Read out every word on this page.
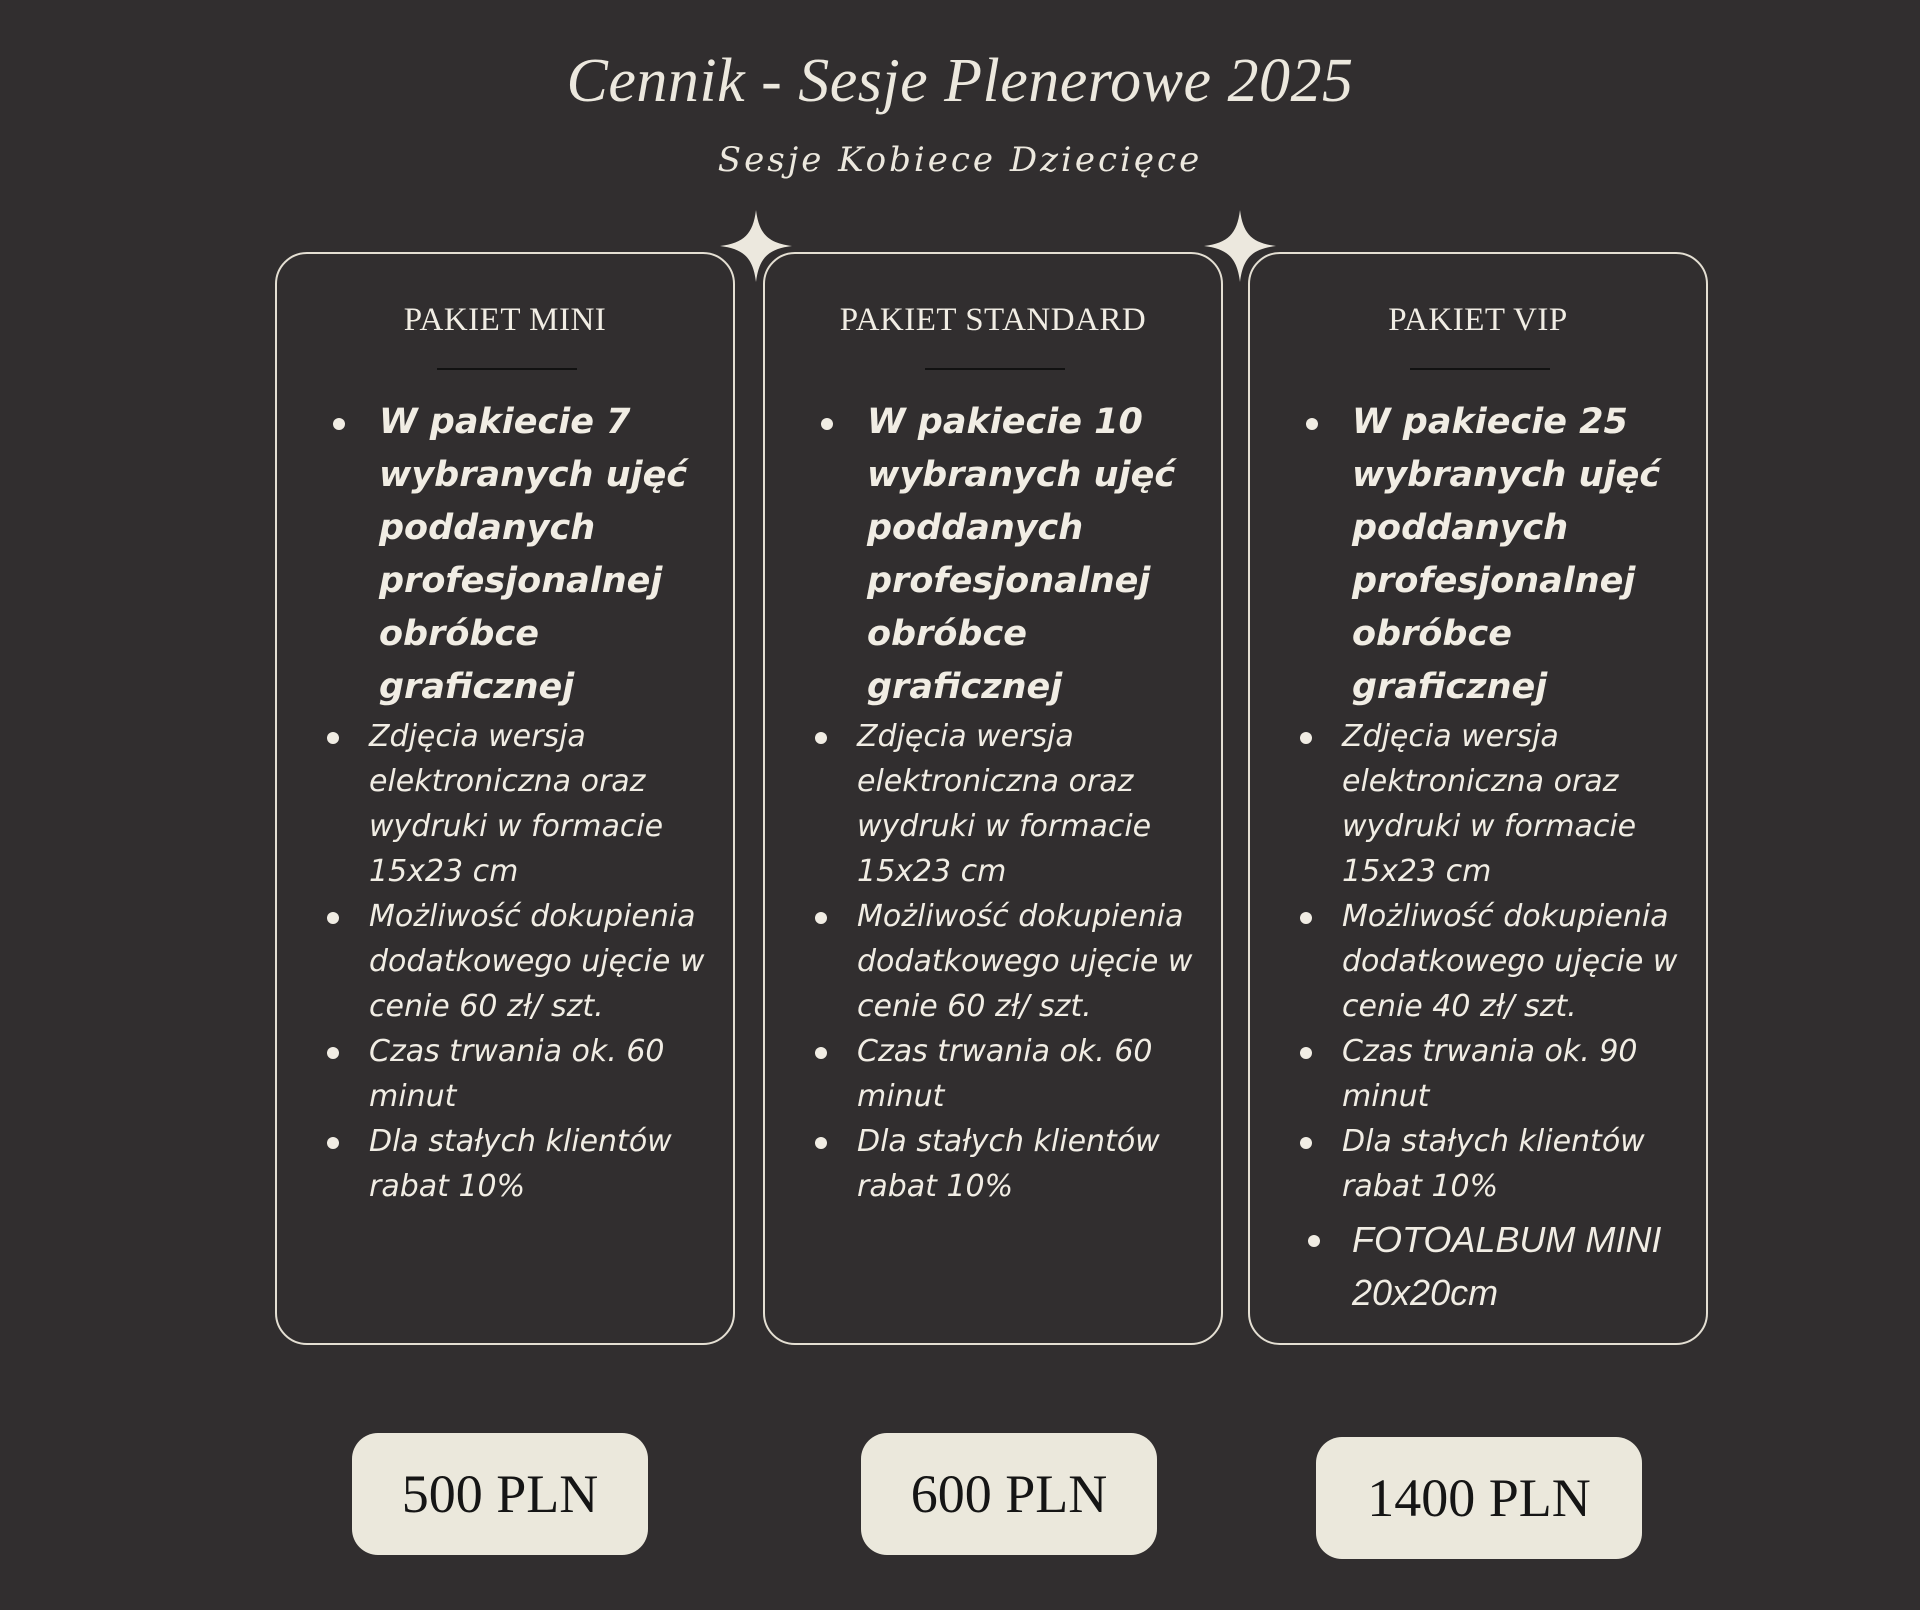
Cennik - Sesje Plenerowe 2025
Sesje Kobiece Dziecięce
PAKIET MINI
W pakiecie 7 wybranych ujęć poddanych profesjonalnej obróbce graficznej
Zdjęcia wersja elektroniczna oraz wydruki w formacie 15x23 cm
Możliwość dokupienia dodatkowego ujęcie w cenie 60 zł/ szt.
Czas trwania ok. 60 minut
Dla stałych klientów rabat 10%
PAKIET STANDARD
W pakiecie 10 wybranych ujęć poddanych profesjonalnej obróbce graficznej
Zdjęcia wersja elektroniczna oraz wydruki w formacie 15x23 cm
Możliwość dokupienia dodatkowego ujęcie w cenie 60 zł/ szt.
Czas trwania ok. 60 minut
Dla stałych klientów rabat 10%
PAKIET VIP
W pakiecie 25 wybranych ujęć poddanych profesjonalnej obróbce graficznej
Zdjęcia wersja elektroniczna oraz wydruki w formacie 15x23 cm
Możliwość dokupienia dodatkowego ujęcie w cenie 40 zł/ szt.
Czas trwania ok. 90 minut
Dla stałych klientów rabat 10%
FOTOALBUM MINI 20x20cm
500 PLN	600 PLN	1400 PLN
